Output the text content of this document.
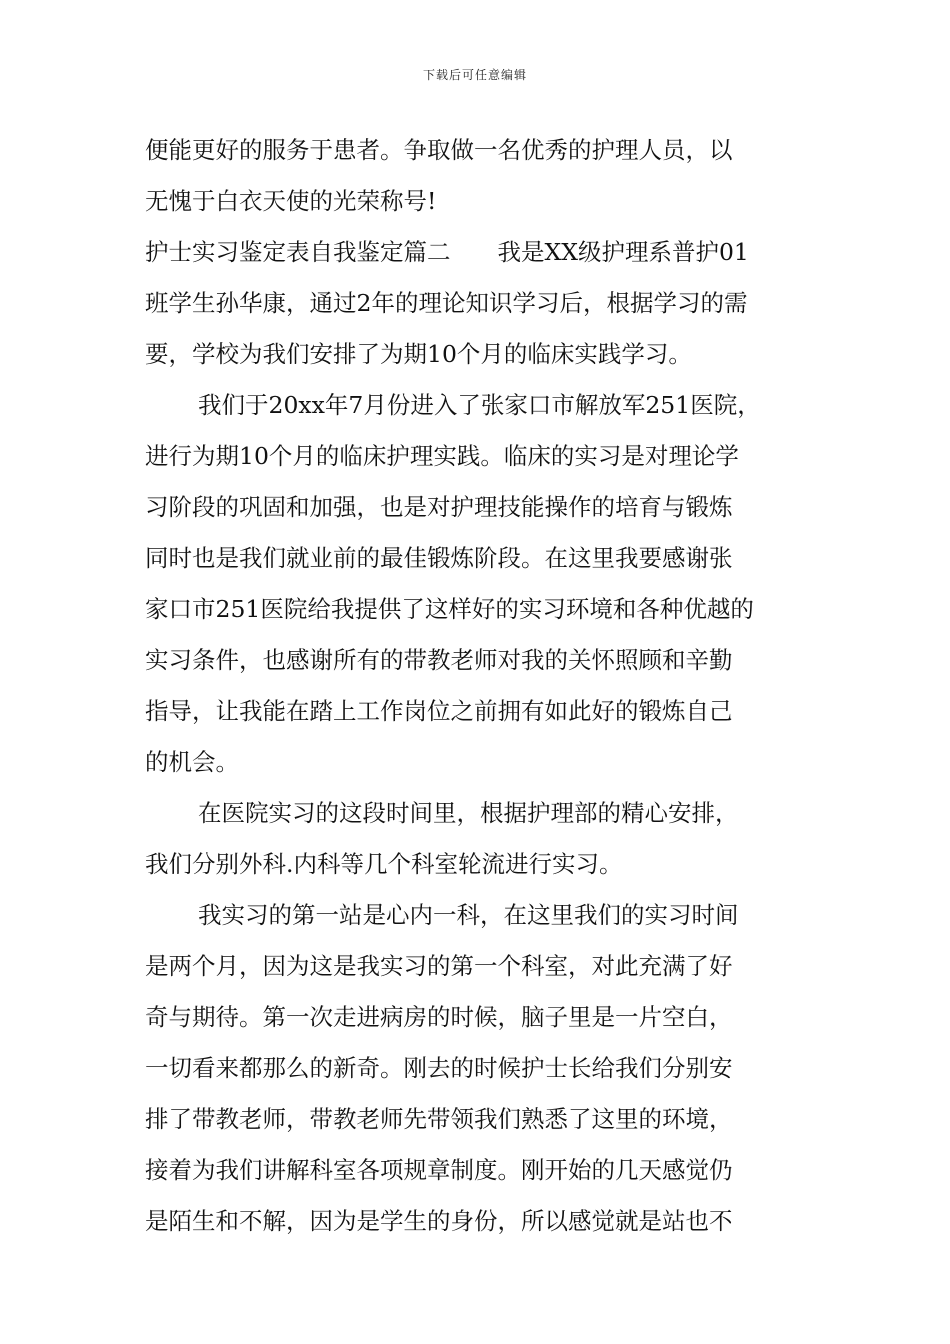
下载后可任意编辑
便能更好的服务于患者。争取做一名优秀的护理人员，以
无愧于白衣天使的光荣称号!
护士实习鉴定表自我鉴定篇二　　我是XX级护理系普护01
班学生孙华康，通过2年的理论知识学习后，根据学习的需
要，学校为我们安排了为期10个月的临床实践学习。
我们于20xx年7月份进入了张家口市解放军251医院，
进行为期10个月的临床护理实践。临床的实习是对理论学
习阶段的巩固和加强，也是对护理技能操作的培育与锻炼
同时也是我们就业前的最佳锻炼阶段。在这里我要感谢张
家口市251医院给我提供了这样好的实习环境和各种优越的
实习条件，也感谢所有的带教老师对我的关怀照顾和辛勤
指导，让我能在踏上工作岗位之前拥有如此好的锻炼自己
的机会。
在医院实习的这段时间里，根据护理部的精心安排，
我们分别外科.内科等几个科室轮流进行实习。
我实习的第一站是心内一科，在这里我们的实习时间
是两个月，因为这是我实习的第一个科室，对此充满了好
奇与期待。第一次走进病房的时候，脑子里是一片空白，
一切看来都那么的新奇。刚去的时候护士长给我们分别安
排了带教老师，带教老师先带领我们熟悉了这里的环境，
接着为我们讲解科室各项规章制度。刚开始的几天感觉仍
是陌生和不解，因为是学生的身份，所以感觉就是站也不
